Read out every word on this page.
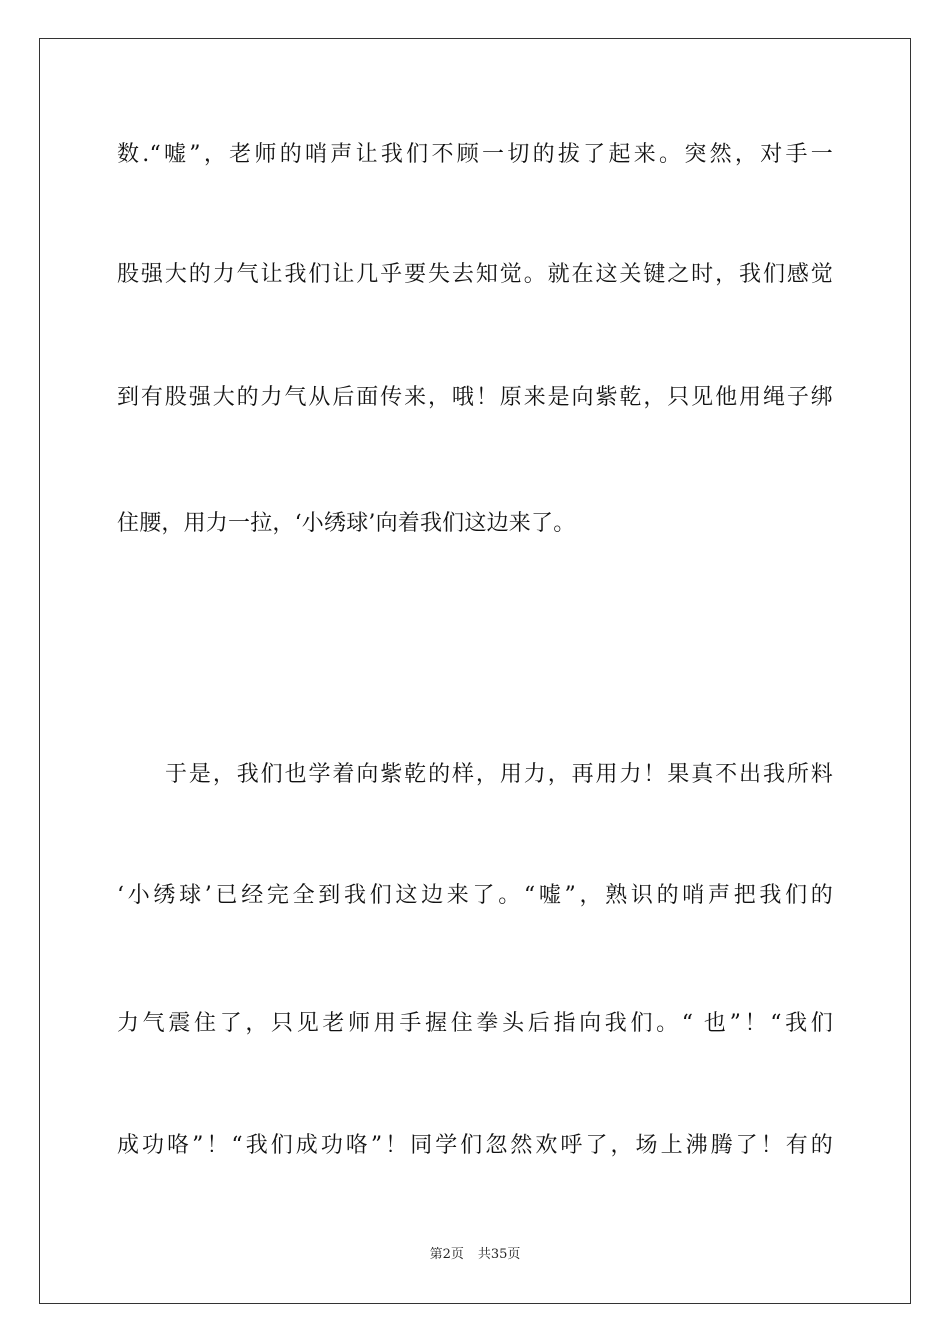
数.“嘘”，老师的哨声让我们不顾一切的拔了起来。突然，对手一
股强大的力气让我们让几乎要失去知觉。就在这关键之时，我们感觉
到有股强大的力气从后面传来，哦！原来是向紫乾，只见他用绳子绑
住腰，用力一拉，‘小绣球’向着我们这边来了。
于是，我们也学着向紫乾的样，用力，再用力！果真不出我所料
‘小绣球’已经完全到我们这边来了。“嘘”，熟识的哨声把我们的
力气震住了，只见老师用手握住拳头后指向我们。“ 也”！“我们
成功咯”！“我们成功咯”！同学们忽然欢呼了，场上沸腾了！有的
第2页 共35页
